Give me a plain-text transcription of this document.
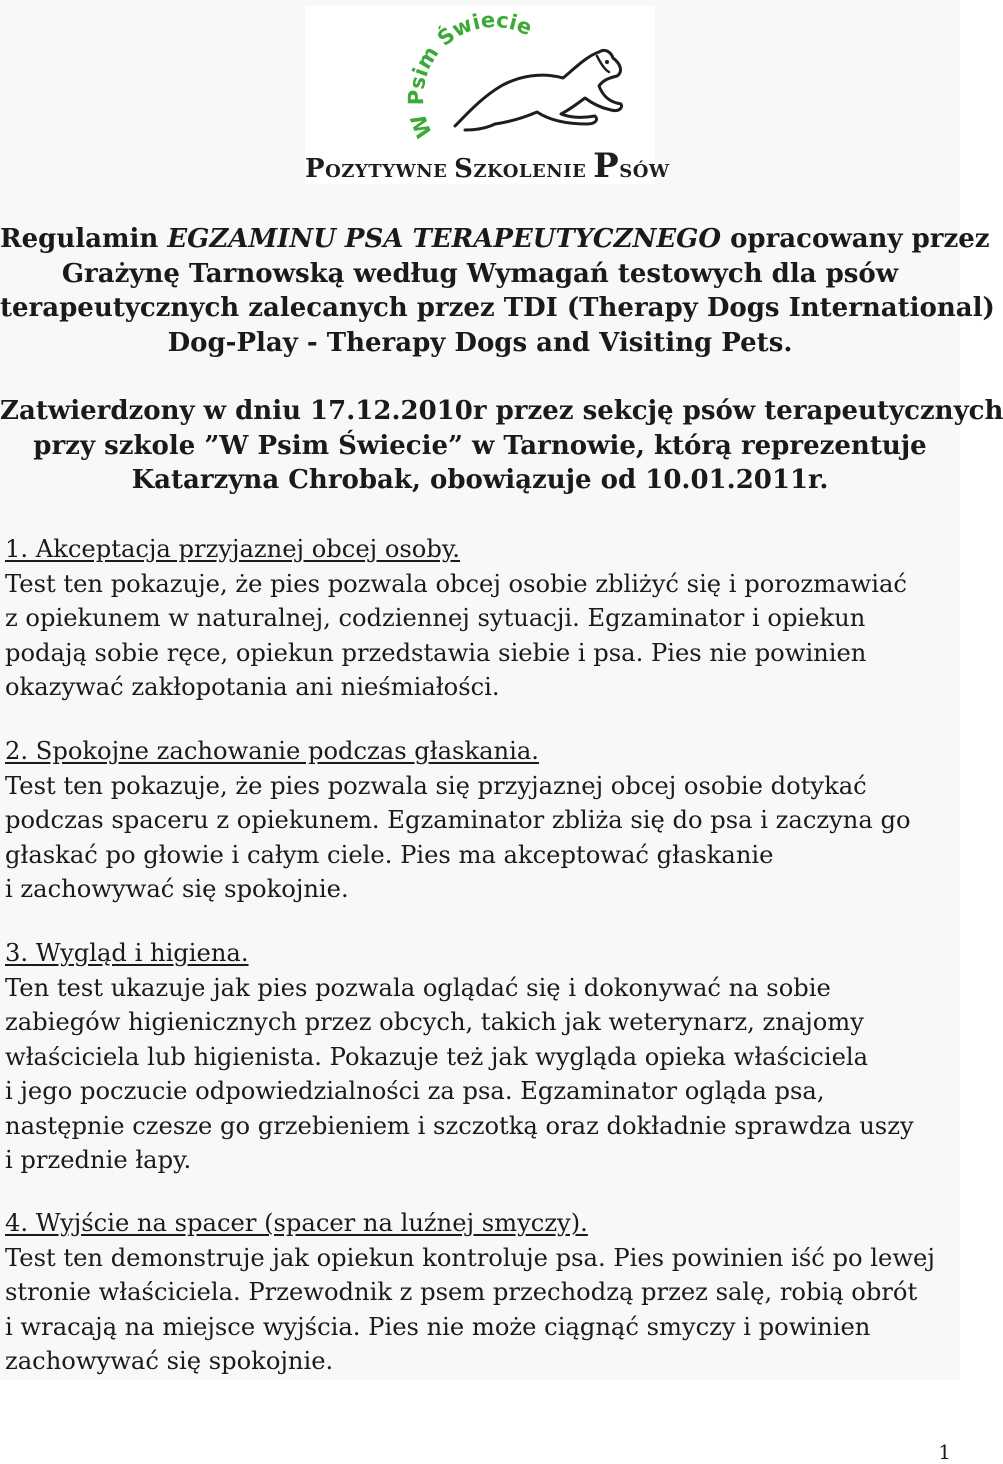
W Psim Świecie
POZYTYWNE SZKOLENIE PSÓW

Regulamin EGZAMINU PSA TERAPEUTYCZNEGO opracowany przez

Grażynę Tarnowską według Wymagań testowych dla psów

terapeutycznych zalecanych przez TDI (Therapy Dogs International)

Dog-Play - Therapy Dogs and Visiting Pets.

Zatwierdzony w dniu 17.12.2010r przez sekcję psów terapeutycznych

przy szkole ”W Psim Świecie” w Tarnowie, którą reprezentuje

Katarzyna Chrobak, obowiązuje od 10.01.2011r.

1. Akceptacja przyjaznej obcej osoby.

Test ten pokazuje, że pies pozwala obcej osobie zbliżyć się i porozmawiać

z opiekunem w naturalnej, codziennej sytuacji. Egzaminator i opiekun

podają sobie ręce, opiekun przedstawia siebie i psa. Pies nie powinien

okazywać zakłopotania ani nieśmiałości.

2. Spokojne zachowanie podczas głaskania.

Test ten pokazuje, że pies pozwala się przyjaznej obcej osobie dotykać

podczas spaceru z opiekunem. Egzaminator zbliża się do psa i zaczyna go

głaskać po głowie i całym ciele. Pies ma akceptować głaskanie

i zachowywać się spokojnie.

3. Wygląd i higiena.

Ten test ukazuje jak pies pozwala oglądać się i dokonywać na sobie

zabiegów higienicznych przez obcych, takich jak weterynarz, znajomy

właściciela lub higienista. Pokazuje też jak wygląda opieka właściciela

i jego poczucie odpowiedzialności za psa. Egzaminator ogląda psa,

następnie czesze go grzebieniem i szczotką oraz dokładnie sprawdza uszy

i przednie łapy.

4. Wyjście na spacer (spacer na luźnej smyczy).

Test ten demonstruje jak opiekun kontroluje psa. Pies powinien iść po lewej

stronie właściciela. Przewodnik z psem przechodzą przez salę, robią obrót

i wracają na miejsce wyjścia. Pies nie może ciągnąć smyczy i powinien

zachowywać się spokojnie.

1
